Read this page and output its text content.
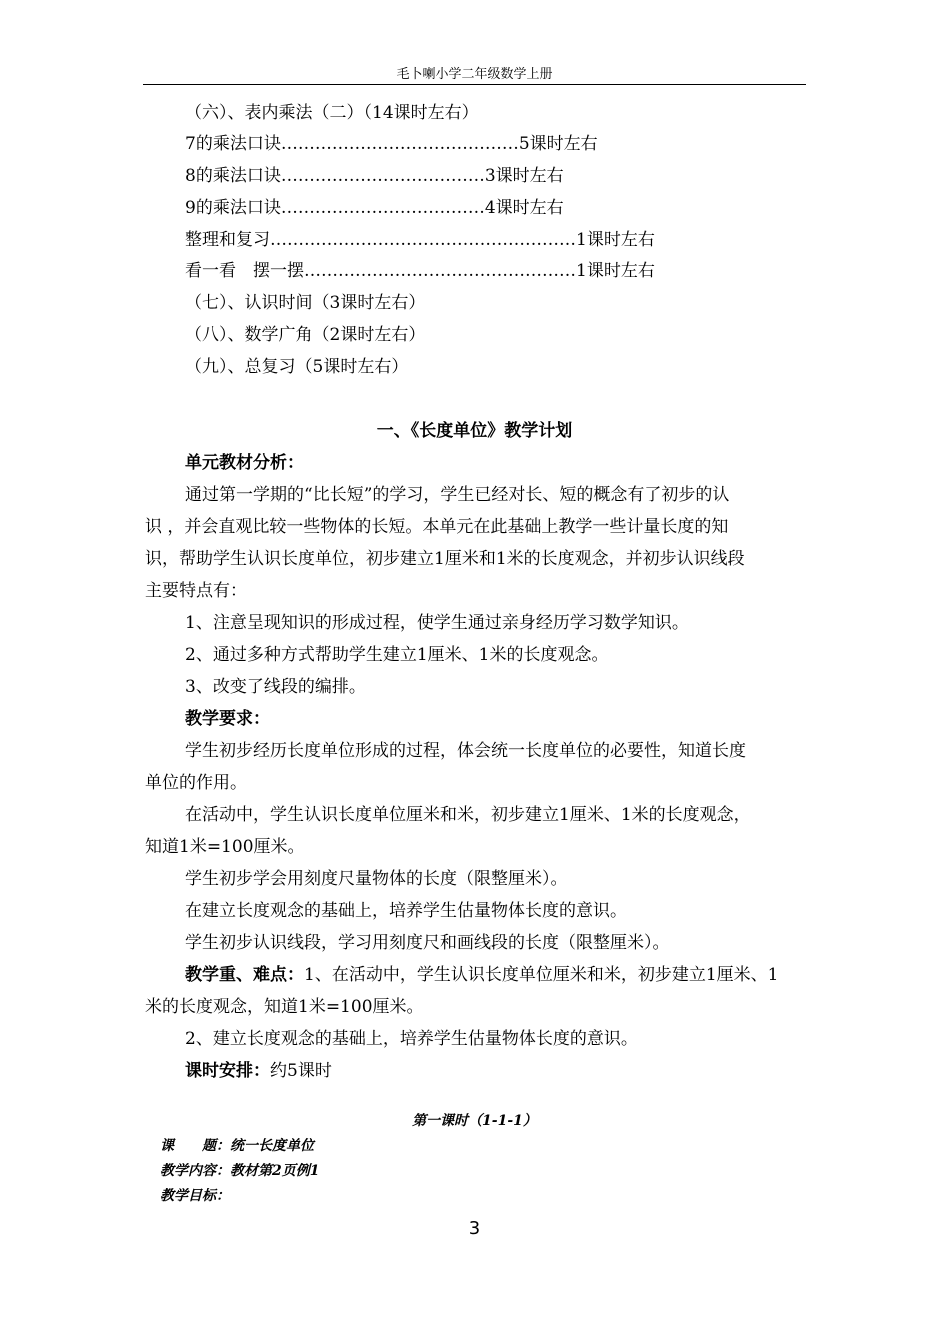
毛卜喇小学二年级数学上册
（六）、表内乘法（二）（14课时左右）
7的乘法口诀……………………………………5课时左右
8的乘法口诀………………………………3课时左右
9的乘法口诀………………………………4课时左右
整理和复习………………………………………………1课时左右
看一看　摆一摆…………………………………………1课时左右
（七）、认识时间（3课时左右）
（八）、数学广角（2课时左右）
（九）、总复习（5课时左右）
一、《长度单位》教学计划
单元教材分析：
通过第一学期的“比长短”的学习，学生已经对长、短的概念有了初步的认
识 ，并会直观比较一些物体的长短。本单元在此基础上教学一些计量长度的知
识，帮助学生认识长度单位，初步建立1厘米和1米的长度观念，并初步认识线段
主要特点有：
1、注意呈现知识的形成过程，使学生通过亲身经历学习数学知识。
2、通过多种方式帮助学生建立1厘米、1米的长度观念。
3、改变了线段的编排。
教学要求：
学生初步经历长度单位形成的过程，体会统一长度单位的必要性，知道长度
单位的作用。
在活动中，学生认识长度单位厘米和米，初步建立1厘米、1米的长度观念，
知道1米=100厘米。
学生初步学会用刻度尺量物体的长度（限整厘米）。
在建立长度观念的基础上，培养学生估量物体长度的意识。
学生初步认识线段，学习用刻度尺和画线段的长度（限整厘米）。
教学重、难点：1、在活动中，学生认识长度单位厘米和米，初步建立1厘米、1
米的长度观念，知道1米=100厘米。
2、建立长度观念的基础上，培养学生估量物体长度的意识。
课时安排：约5课时
第一课时（1-1-1）
课　　题：统一长度单位
教学内容：教材第2页例1
教学目标：
3
